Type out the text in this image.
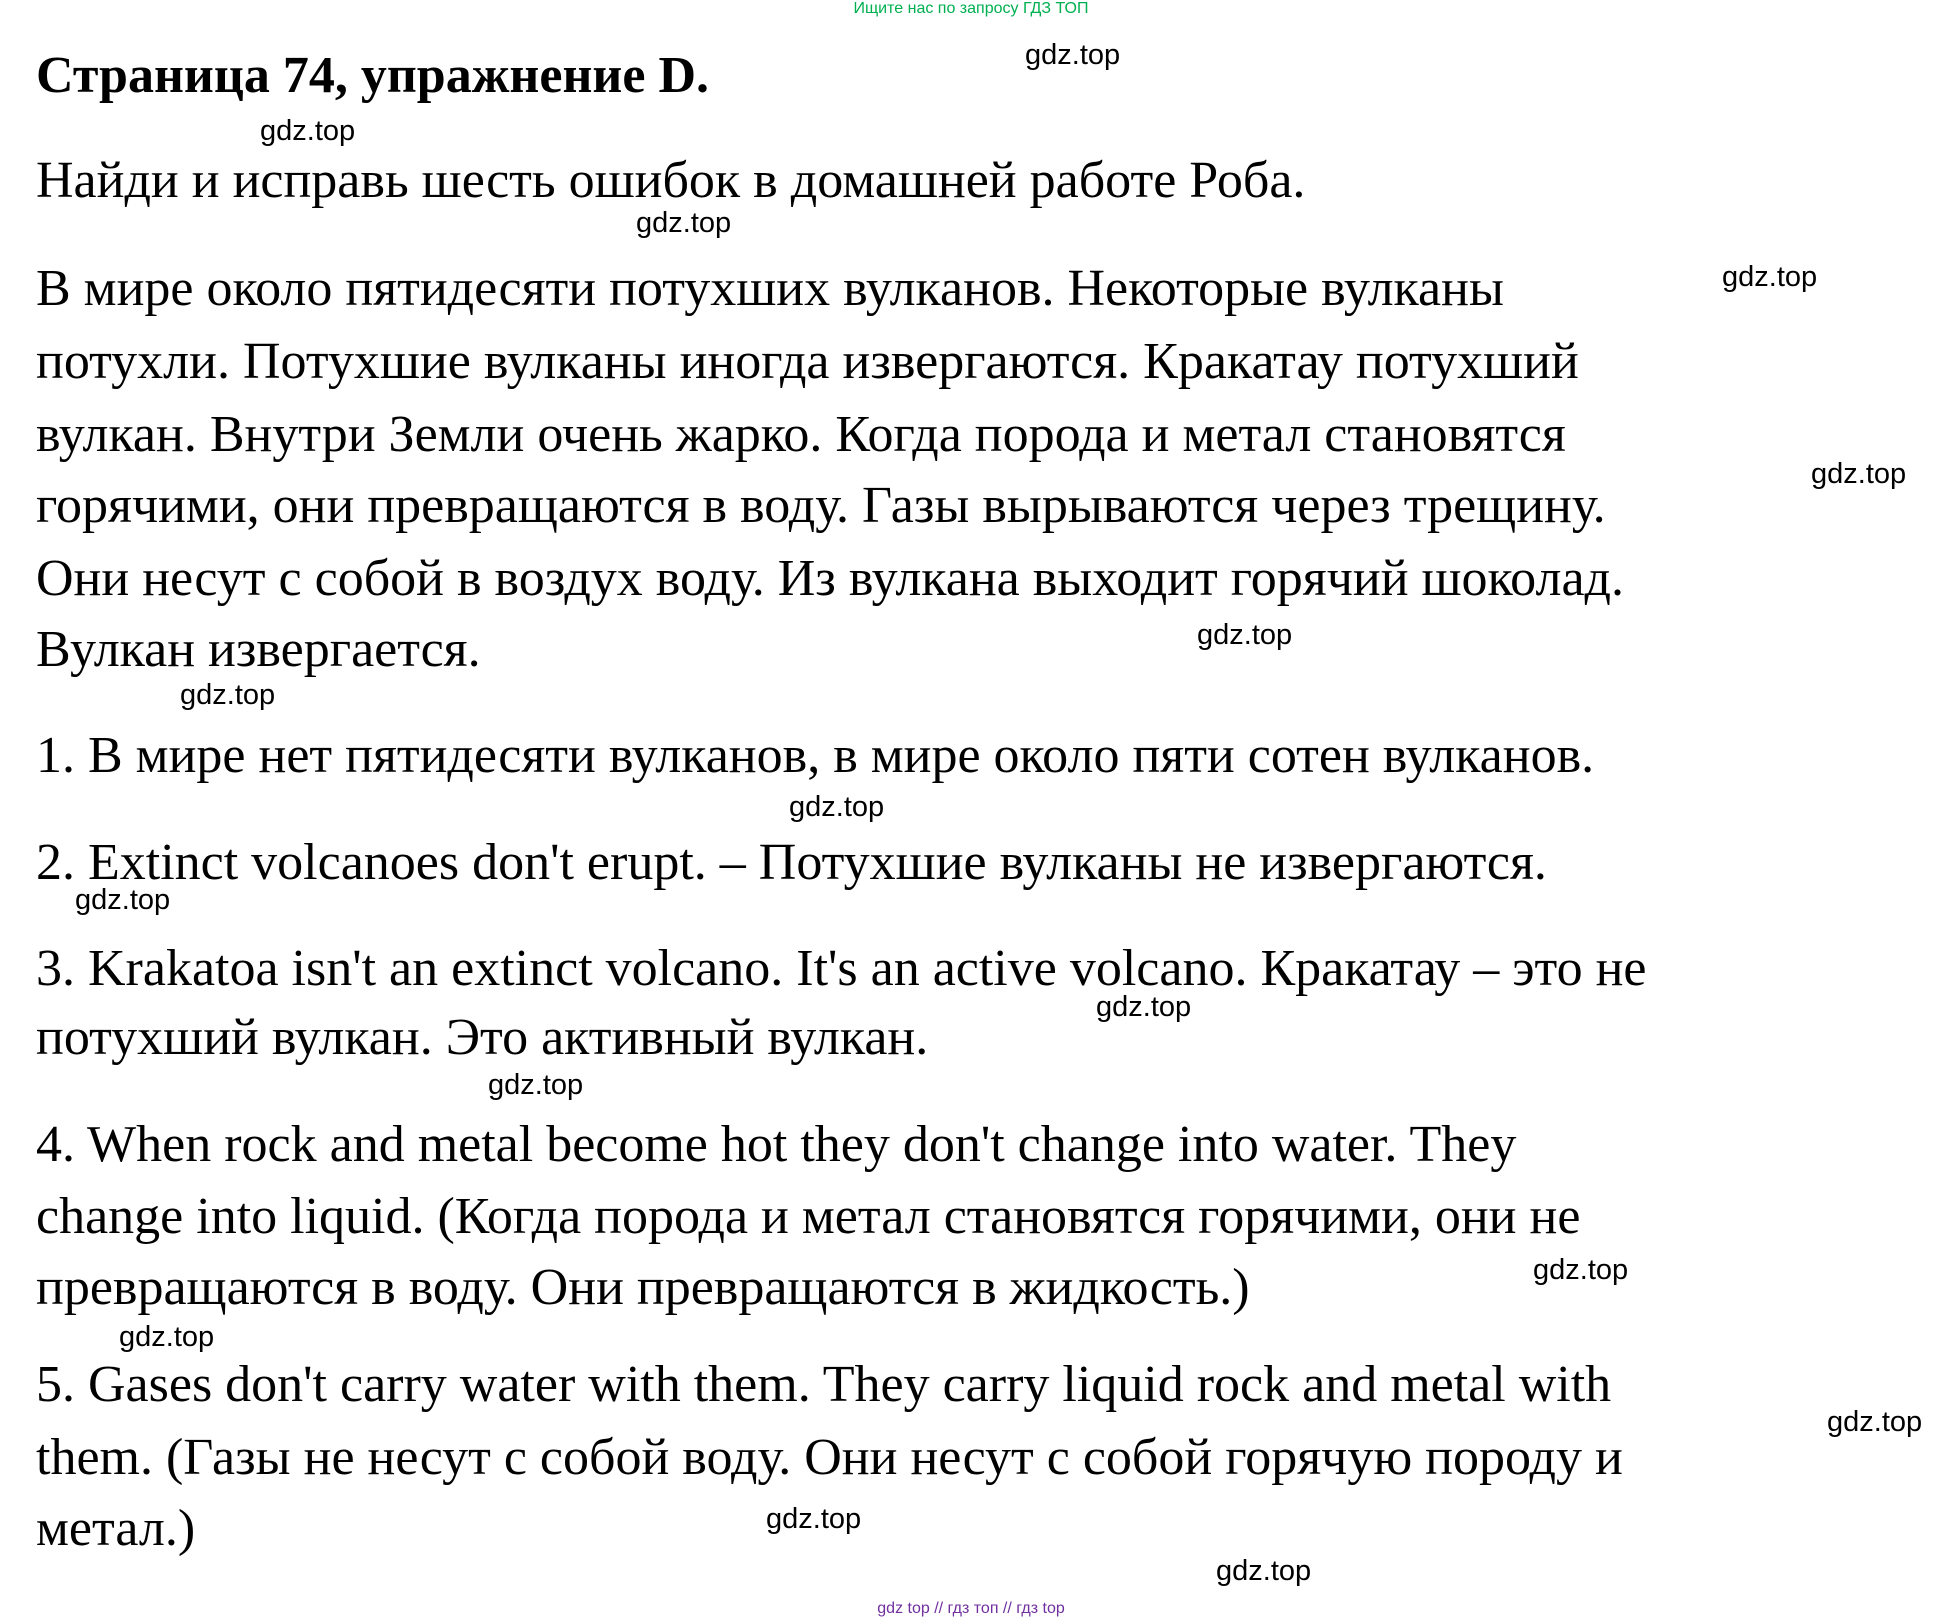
Ищите нас по запросу ГДЗ ТОП
Страница 74, упражнение D.
Найди и исправь шесть ошибок в домашней работе Роба.
В мире около пятидесяти потухших вулканов. Некоторые вулканы
потухли. Потухшие вулканы иногда извергаются. Кракатау потухший
вулкан. Внутри Земли очень жарко. Когда порода и метал становятся
горячими, они превращаются в воду. Газы вырываются через трещину.
Они несут с собой в воздух воду. Из вулкана выходит горячий шоколад.
Вулкан извергается.
1. В мире нет пятидесяти вулканов, в мире около пяти сотен вулканов.
2. Extinct volcanoes don't erupt. – Потухшие вулканы не извергаются.
3. Krakatoa isn't an extinct volcano. It's an active volcano. Кракатау – это не
потухший вулкан. Это активный вулкан.
4. When rock and metal become hot they don't change into water. They
change into liquid. (Когда порода и метал становятся горячими, они не
превращаются в воду. Они превращаются в жидкость.)
5. Gases don't carry water with them. They carry liquid rock and metal with
them. (Газы не несут с собой воду. Они несут с собой горячую породу и
метал.)
gdz.top
gdz.top
gdz.top
gdz.top
gdz.top
gdz.top
gdz.top
gdz.top
gdz.top
gdz.top
gdz.top
gdz.top
gdz.top
gdz.top
gdz.top
gdz.top
gdz top // гдз топ // гдз top
